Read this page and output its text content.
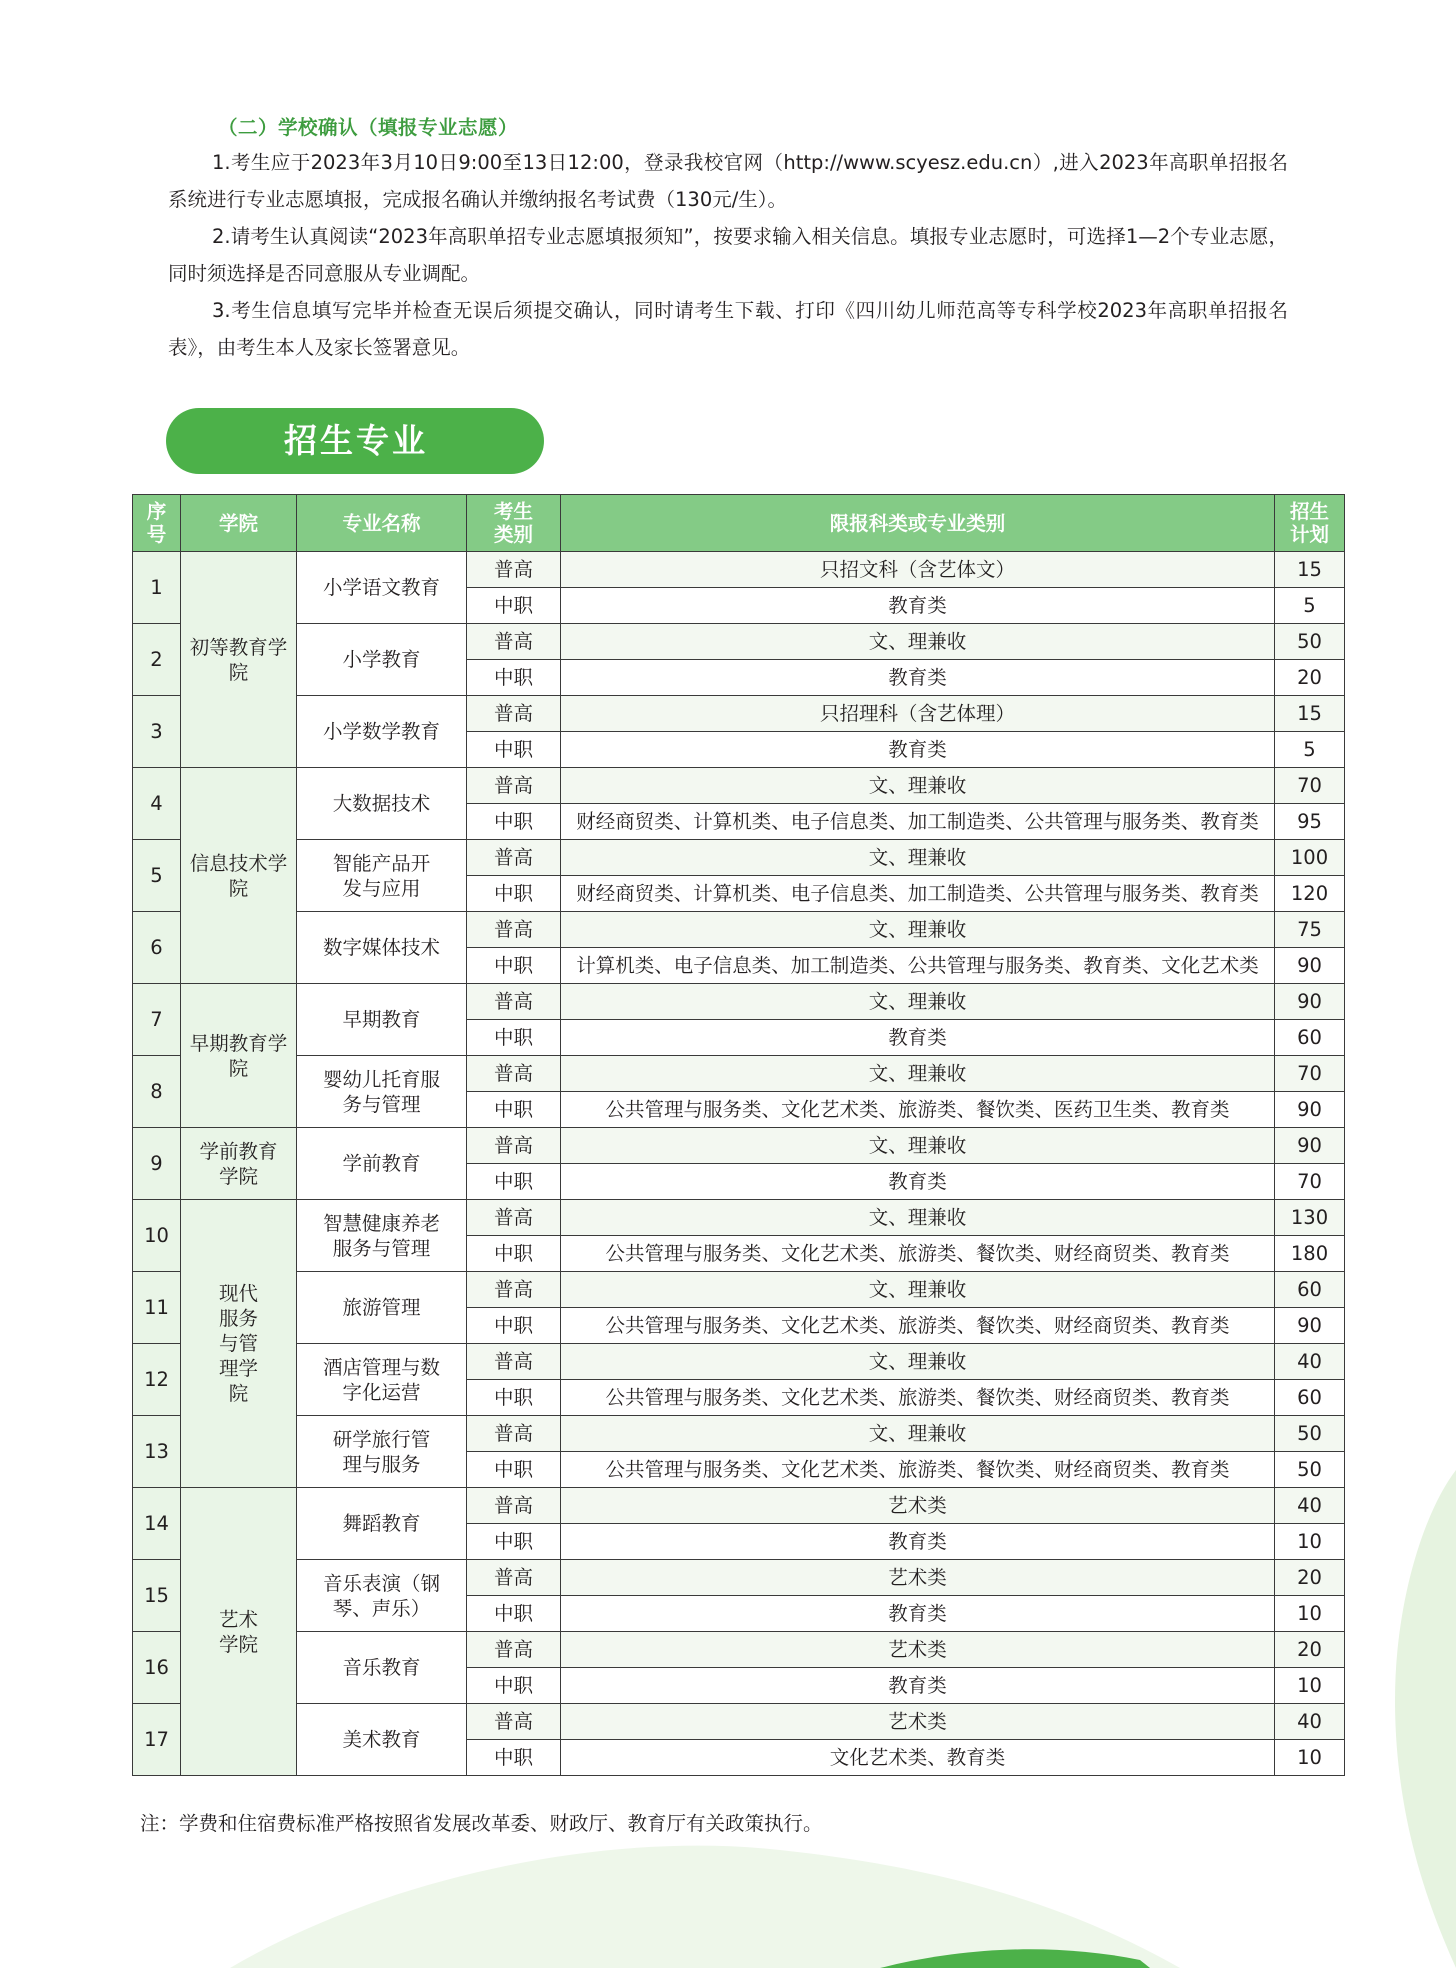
（二）学校确认（填报专业志愿）
1.考生应于2023年3月10日9:00至13日12:00，登录我校官网（http://www.scyesz.edu.cn）,进入2023年高职单招报名系统进行专业志愿填报，完成报名确认并缴纳报名考试费（130元/生）。
2.请考生认真阅读“2023年高职单招专业志愿填报须知”，按要求输入相关信息。填报专业志愿时，可选择1—2个专业志愿，同时须选择是否同意服从专业调配。
3.考生信息填写完毕并检查无误后须提交确认，同时请考生下载、打印《四川幼儿师范高等专科学校2023年高职单招报名表》，由考生本人及家长签署意见。
招生专业
序号	学院	专业名称	考生类别	限报科类或专业类别	招生计划
1	初等教育学院	小学语文教育	普高	只招文科（含艺体文）	15
			中职	教育类	5
2		小学教育	普高	文、理兼收	50
			中职	教育类	20
3		小学数学教育	普高	只招理科（含艺体理）	15
			中职	教育类	5
4	信息技术学院	大数据技术	普高	文、理兼收	70
			中职	财经商贸类、计算机类、电子信息类、加工制造类、公共管理与服务类、教育类	95
5		智能产品开发与应用	普高	文、理兼收	100
			中职	财经商贸类、计算机类、电子信息类、加工制造类、公共管理与服务类、教育类	120
6		数字媒体技术	普高	文、理兼收	75
			中职	计算机类、电子信息类、加工制造类、公共管理与服务类、教育类、文化艺术类	90
7	早期教育学院	早期教育	普高	文、理兼收	90
			中职	教育类	60
8		婴幼儿托育服务与管理	普高	文、理兼收	70
			中职	公共管理与服务类、文化艺术类、旅游类、餐饮类、医药卫生类、教育类	90
9	学前教育学院	学前教育	普高	文、理兼收	90
			中职	教育类	70
10	现代服务与管理学院	智慧健康养老服务与管理	普高	文、理兼收	130
			中职	公共管理与服务类、文化艺术类、旅游类、餐饮类、财经商贸类、教育类	180
11		旅游管理	普高	文、理兼收	60
			中职	公共管理与服务类、文化艺术类、旅游类、餐饮类、财经商贸类、教育类	90
12		酒店管理与数字化运营	普高	文、理兼收	40
			中职	公共管理与服务类、文化艺术类、旅游类、餐饮类、财经商贸类、教育类	60
13		研学旅行管理与服务	普高	文、理兼收	50
			中职	公共管理与服务类、文化艺术类、旅游类、餐饮类、财经商贸类、教育类	50
14	艺术学院	舞蹈教育	普高	艺术类	40
			中职	教育类	10
15		音乐表演（钢琴、声乐）	普高	艺术类	20
			中职	教育类	10
16		音乐教育	普高	艺术类	20
			中职	教育类	10
17		美术教育	普高	艺术类	40
			中职	文化艺术类、教育类	10
注：学费和住宿费标准严格按照省发展改革委、财政厅、教育厅有关政策执行。
